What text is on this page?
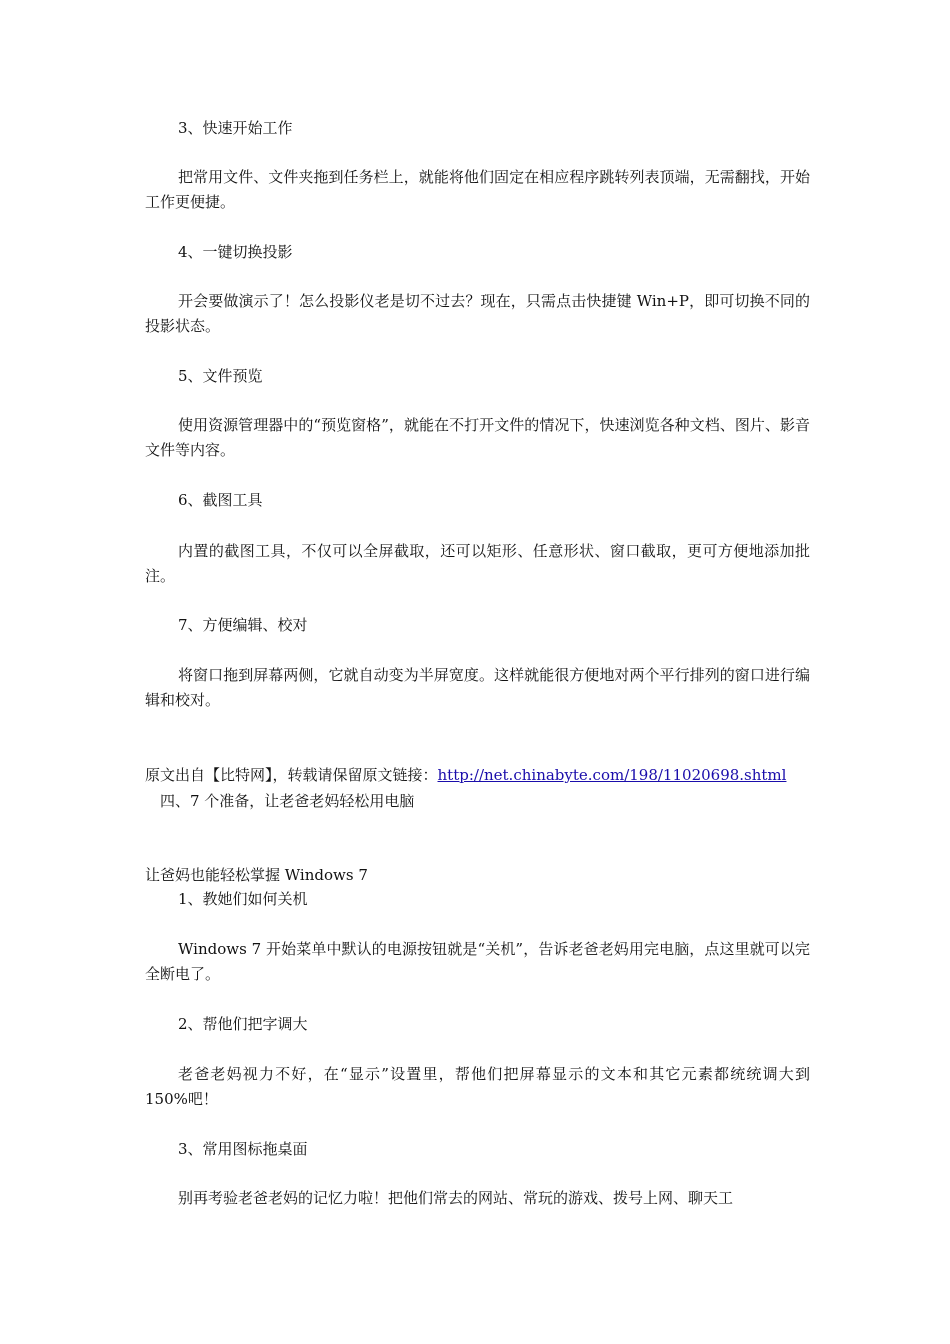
3、快速开始工作
把常用文件、文件夹拖到任务栏上，就能将他们固定在相应程序跳转列表顶端，无需翻找，开始工作更便捷。
4、一键切换投影
开会要做演示了！怎么投影仪老是切不过去？现在，只需点击快捷键 Win+P，即可切换不同的投影状态。
5、文件预览
使用资源管理器中的“预览窗格”，就能在不打开文件的情况下，快速浏览各种文档、图片、影音文件等内容。
6、截图工具
内置的截图工具，不仅可以全屏截取，还可以矩形、任意形状、窗口截取，更可方便地添加批注。
7、方便编辑、校对
将窗口拖到屏幕两侧，它就自动变为半屏宽度。这样就能很方便地对两个平行排列的窗口进行编辑和校对。
原文出自【比特网】，转载请保留原文链接：http://net.chinabyte.com/198/11020698.shtml
四、7 个准备，让老爸老妈轻松用电脑
让爸妈也能轻松掌握 Windows 7
1、教她们如何关机
Windows 7 开始菜单中默认的电源按钮就是“关机”，告诉老爸老妈用完电脑，点这里就可以完全断电了。
2、帮他们把字调大
老爸老妈视力不好，在“显示”设置里，帮他们把屏幕显示的文本和其它元素都统统调大到 150%吧！
3、常用图标拖桌面
别再考验老爸老妈的记忆力啦！把他们常去的网站、常玩的游戏、拨号上网、聊天工
